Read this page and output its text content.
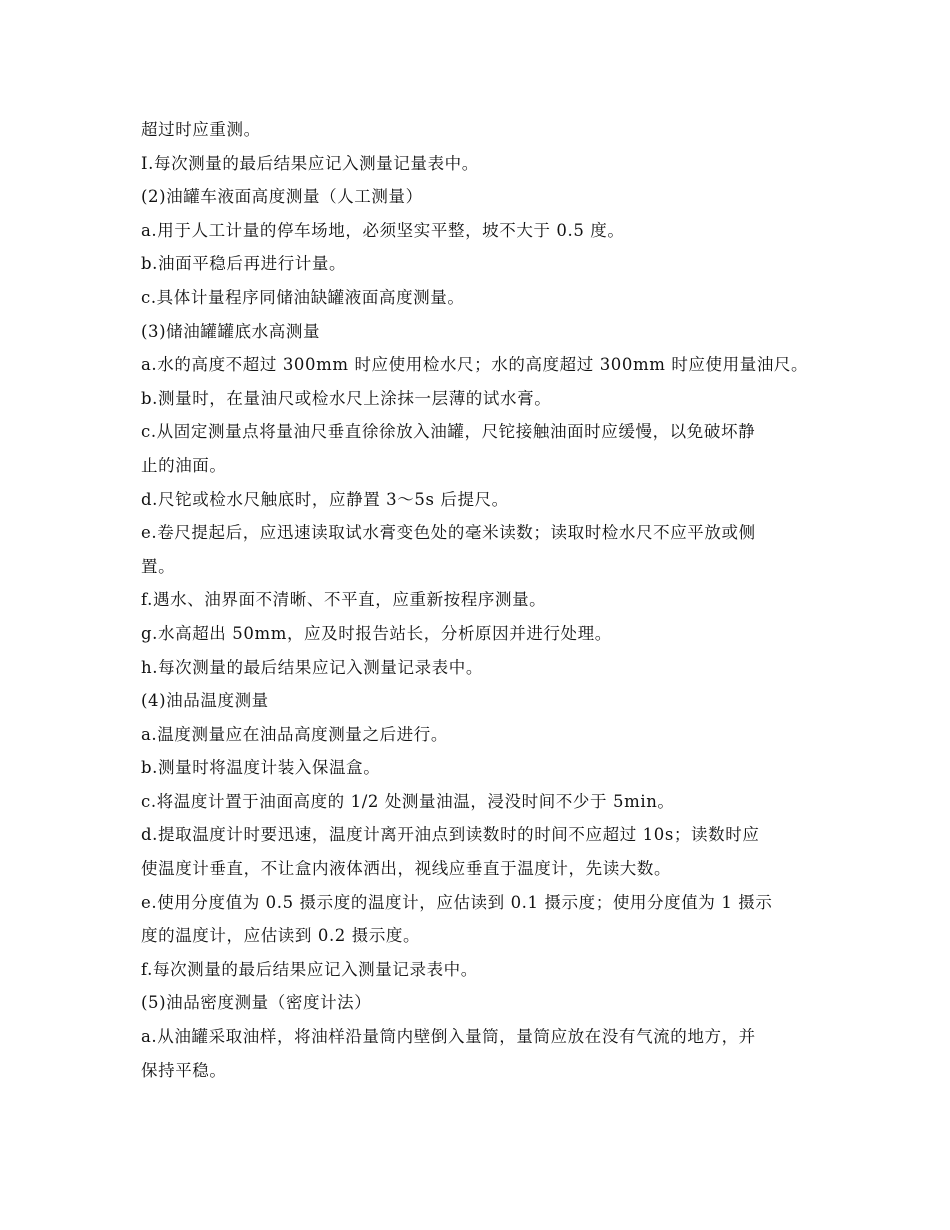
超过时应重测。
I.每次测量的最后结果应记入测量记量表中。
(2)油罐车液面高度测量（人工测量）
a.用于人工计量的停车场地，必须坚实平整，坡不大于 0.5 度。
b.油面平稳后再进行计量。
c.具体计量程序同储油缺罐液面高度测量。
(3)储油罐罐底水高测量
a.水的高度不超过 300mm 时应使用检水尺；水的高度超过 300mm 时应使用量油尺。
b.测量时，在量油尺或检水尺上涂抹一层薄的试水膏。
c.从固定测量点将量油尺垂直徐徐放入油罐，尺铊接触油面时应缓慢，以免破坏静
止的油面。
d.尺铊或检水尺触底时，应静置 3～5s 后提尺。
e.卷尺提起后，应迅速读取试水膏变色处的毫米读数；读取时检水尺不应平放或侧
置。
f.遇水、油界面不清晰、不平直，应重新按程序测量。
g.水高超出 50mm，应及时报告站长，分析原因并进行处理。
h.每次测量的最后结果应记入测量记录表中。
(4)油品温度测量
a.温度测量应在油品高度测量之后进行。
b.测量时将温度计装入保温盒。
c.将温度计置于油面高度的 1/2 处测量油温，浸没时间不少于 5min。
d.提取温度计时要迅速，温度计离开油点到读数时的时间不应超过 10s；读数时应
使温度计垂直，不让盒内液体洒出，视线应垂直于温度计，先读大数。
e.使用分度值为 0.5 摄示度的温度计，应估读到 0.1 摄示度；使用分度值为 1 摄示
度的温度计，应估读到 0.2 摄示度。
f.每次测量的最后结果应记入测量记录表中。
(5)油品密度测量（密度计法）
a.从油罐采取油样，将油样沿量筒内壁倒入量筒，量筒应放在没有气流的地方，并
保持平稳。
